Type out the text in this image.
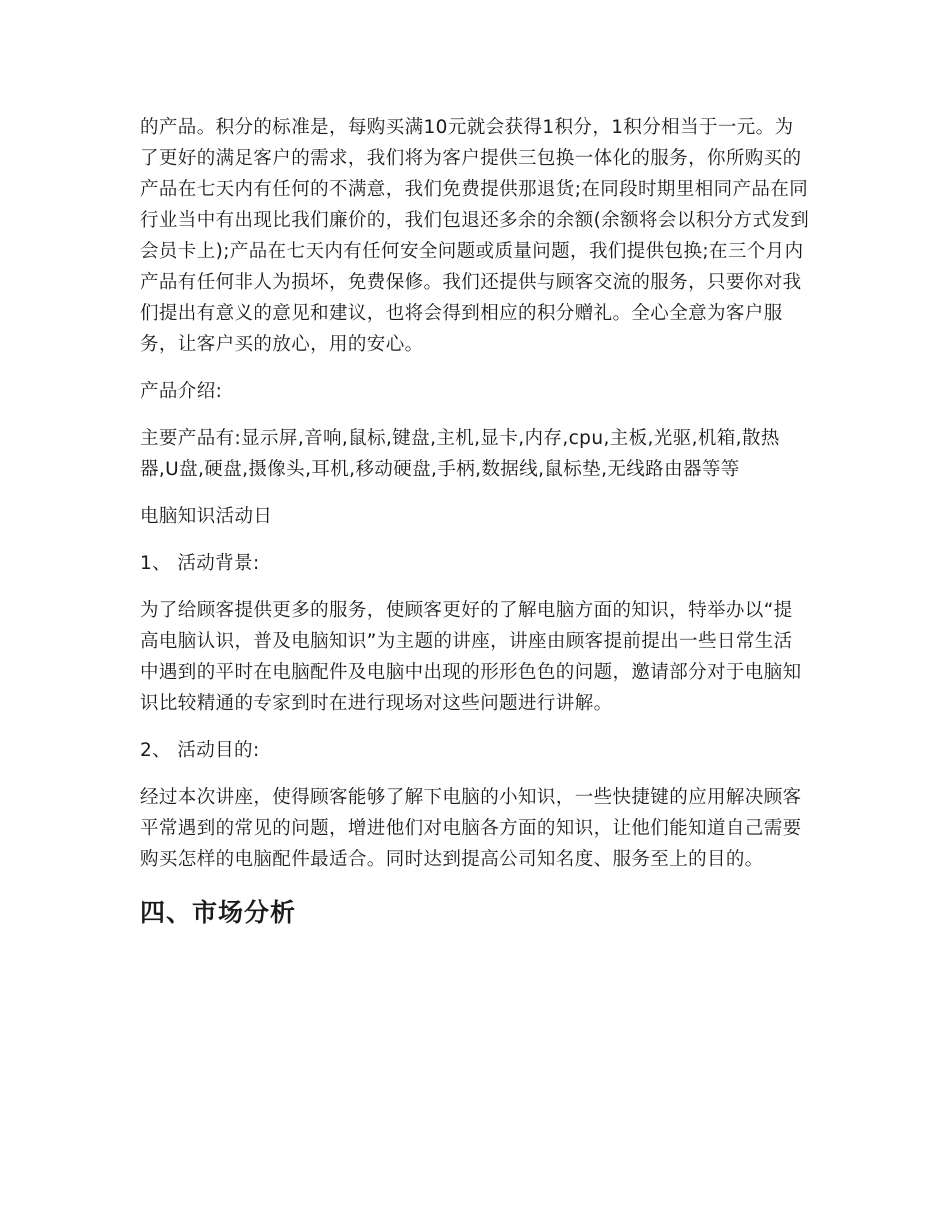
的产品。积分的标准是，每购买满10元就会获得1积分，1积分相当于一元。为了更好的满足客户的需求，我们将为客户提供三包换一体化的服务，你所购买的产品在七天内有任何的不满意，我们免费提供那退货;在同段时期里相同产品在同行业当中有出现比我们廉价的，我们包退还多余的余额(余额将会以积分方式发到会员卡上);产品在七天内有任何安全问题或质量问题，我们提供包换;在三个月内产品有任何非人为损坏，免费保修。我们还提供与顾客交流的服务，只要你对我们提出有意义的意见和建议，也将会得到相应的积分赠礼。全心全意为客户服务，让客户买的放心，用的安心。

产品介绍:

主要产品有:显示屏,音响,鼠标,键盘,主机,显卡,内存,cpu,主板,光驱,机箱,散热器,U盘,硬盘,摄像头,耳机,移动硬盘,手柄,数据线,鼠标垫,无线路由器等等

电脑知识活动日

1、 活动背景:

为了给顾客提供更多的服务，使顾客更好的了解电脑方面的知识，特举办以“提高电脑认识，普及电脑知识”为主题的讲座，讲座由顾客提前提出一些日常生活中遇到的平时在电脑配件及电脑中出现的形形色色的问题，邀请部分对于电脑知识比较精通的专家到时在进行现场对这些问题进行讲解。

2、 活动目的:

经过本次讲座，使得顾客能够了解下电脑的小知识，一些快捷键的应用解决顾客平常遇到的常见的问题，增进他们对电脑各方面的知识，让他们能知道自己需要购买怎样的电脑配件最适合。同时达到提高公司知名度、服务至上的目的。

四、市场分析
